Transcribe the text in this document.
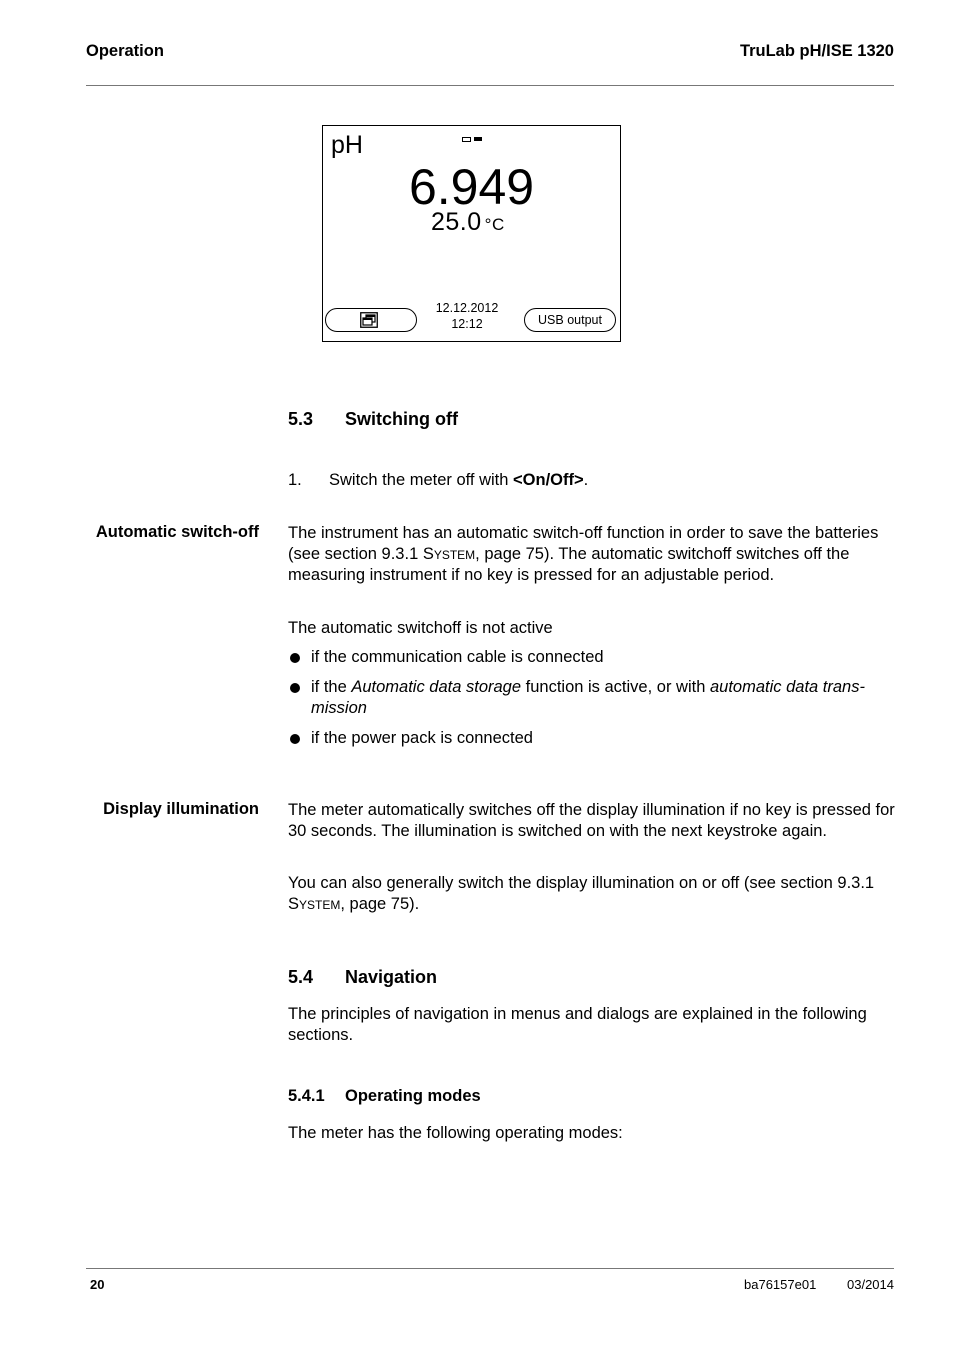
Operation	TruLab pH/ISE 1320
pH
6.949
25.0 °C
12.12.2012
12:12	USB output
5.3 Switching off
1.	Switch the meter off with <On/Off>.
Automatic switch-off The instrument has an automatic switch-off function in order to save the batteries (see section 9.3.1 System, page 75). The automatic switchoff switches off the measuring instrument if no key is pressed for an adjustable period.
The automatic switchoff is not active
if the communication cable is connected
if the Automatic data storage function is active, or with automatic data trans-mission
if the power pack is connected
Display illumination The meter automatically switches off the display illumination if no key is pressed for 30 seconds. The illumination is switched on with the next keystroke again.
You can also generally switch the display illumination on or off (see section 9.3.1 System, page 75).
5.4 Navigation
The principles of navigation in menus and dialogs are explained in the following sections.
5.4.1 Operating modes
The meter has the following operating modes:
20	ba76157e01 03/2014
